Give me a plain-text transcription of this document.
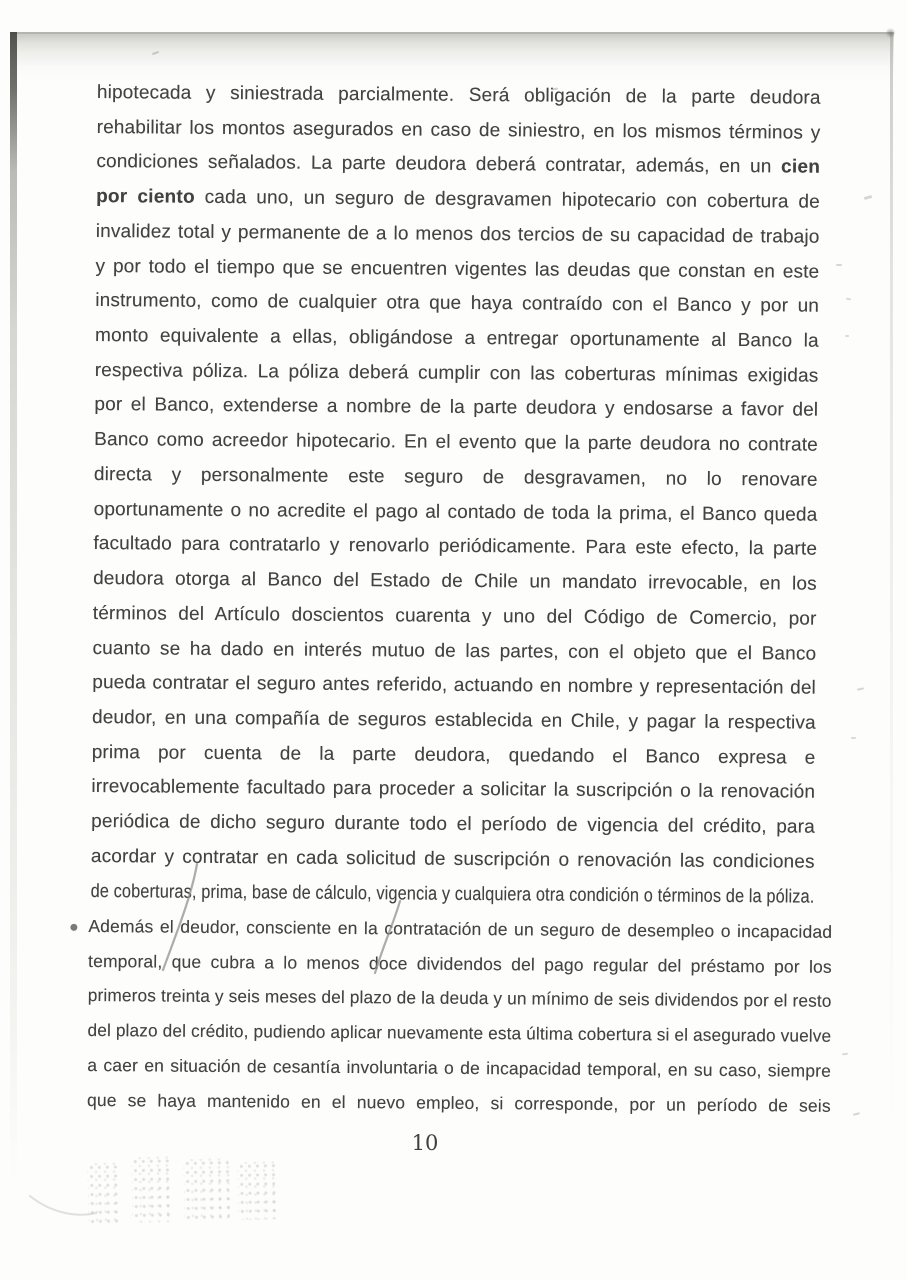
hipotecada y siniestrada parcialmente. Será obligación de la parte deudora
rehabilitar los montos asegurados en caso de siniestro, en los mismos términos y
condiciones señalados. La parte deudora deberá contratar, además, en un cien
por ciento cada uno, un seguro de desgravamen hipotecario con cobertura de
invalidez total y permanente de a lo menos dos tercios de su capacidad de trabajo
y por todo el tiempo que se encuentren vigentes las deudas que constan en este
instrumento, como de cualquier otra que haya contraído con el Banco y por un
monto equivalente a ellas, obligándose a entregar oportunamente al Banco la
respectiva póliza. La póliza deberá cumplir con las coberturas mínimas exigidas
por el Banco, extenderse a nombre de la parte deudora y endosarse a favor del
Banco como acreedor hipotecario. En el evento que la parte deudora no contrate
directa y personalmente este seguro de desgravamen, no lo renovare
oportunamente o no acredite el pago al contado de toda la prima, el Banco queda
facultado para contratarlo y renovarlo periódicamente. Para este efecto, la parte
deudora otorga al Banco del Estado de Chile un mandato irrevocable, en los
términos del Artículo doscientos cuarenta y uno del Código de Comercio, por
cuanto se ha dado en interés mutuo de las partes, con el objeto que el Banco
pueda contratar el seguro antes referido, actuando en nombre y representación del
deudor, en una compañía de seguros establecida en Chile, y pagar la respectiva
prima por cuenta de la parte deudora, quedando el Banco expresa e
irrevocablemente facultado para proceder a solicitar la suscripción o la renovación
periódica de dicho seguro durante todo el período de vigencia del crédito, para
acordar y contratar en cada solicitud de suscripción o renovación las condiciones
de coberturas, prima, base de cálculo, vigencia y cualquiera otra condición o términos de la póliza.
Además el deudor, consciente en la contratación de un seguro de desempleo o incapacidad
temporal, que cubra a lo menos doce dividendos del pago regular del préstamo por los
primeros treinta y seis meses del plazo de la deuda y un mínimo de seis dividendos por el resto
del plazo del crédito, pudiendo aplicar nuevamente esta última cobertura si el asegurado vuelve
a caer en situación de cesantía involuntaria o de incapacidad temporal, en su caso, siempre
que se haya mantenido en el nuevo empleo, si corresponde, por un período de seis
10
